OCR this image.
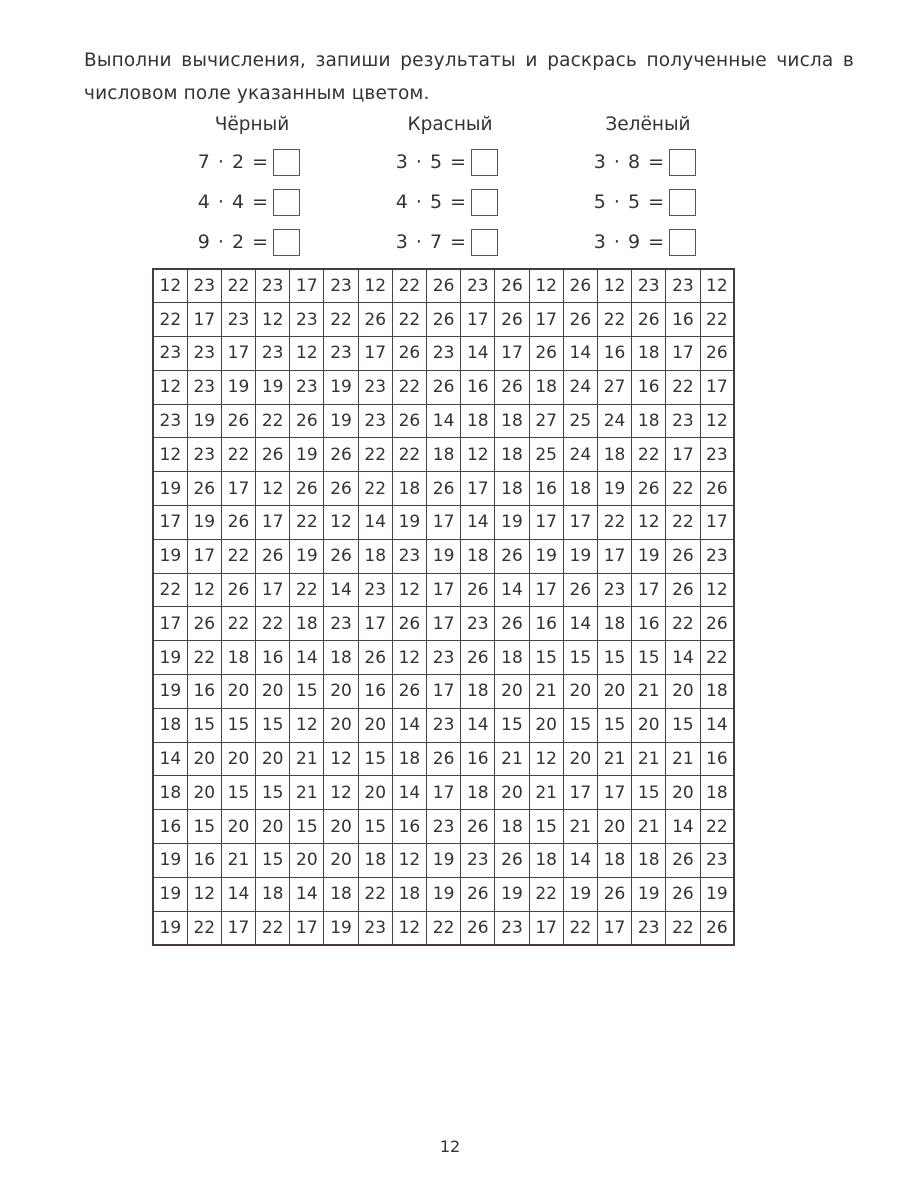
Выполни вычисления, запиши результаты и раскрась полученные числа в числовом поле указанным цветом.
Чёрный
7 · 2 =
4 · 4 =
9 · 2 =
Красный
3 · 5 =
4 · 5 =
3 · 7 =
Зелёный
3 · 8 =
5 · 5 =
3 · 9 =
12	23	22	23	17	23	12	22	26	23	26	12	26	12	23	23	12
22	17	23	12	23	22	26	22	26	17	26	17	26	22	26	16	22
23	23	17	23	12	23	17	26	23	14	17	26	14	16	18	17	26
12	23	19	19	23	19	23	22	26	16	26	18	24	27	16	22	17
23	19	26	22	26	19	23	26	14	18	18	27	25	24	18	23	12
12	23	22	26	19	26	22	22	18	12	18	25	24	18	22	17	23
19	26	17	12	26	26	22	18	26	17	18	16	18	19	26	22	26
17	19	26	17	22	12	14	19	17	14	19	17	17	22	12	22	17
19	17	22	26	19	26	18	23	19	18	26	19	19	17	19	26	23
22	12	26	17	22	14	23	12	17	26	14	17	26	23	17	26	12
17	26	22	22	18	23	17	26	17	23	26	16	14	18	16	22	26
19	22	18	16	14	18	26	12	23	26	18	15	15	15	15	14	22
19	16	20	20	15	20	16	26	17	18	20	21	20	20	21	20	18
18	15	15	15	12	20	20	14	23	14	15	20	15	15	20	15	14
14	20	20	20	21	12	15	18	26	16	21	12	20	21	21	21	16
18	20	15	15	21	12	20	14	17	18	20	21	17	17	15	20	18
16	15	20	20	15	20	15	16	23	26	18	15	21	20	21	14	22
19	16	21	15	20	20	18	12	19	23	26	18	14	18	18	26	23
19	12	14	18	14	18	22	18	19	26	19	22	19	26	19	26	19
19	22	17	22	17	19	23	12	22	26	23	17	22	17	23	22	26
12
